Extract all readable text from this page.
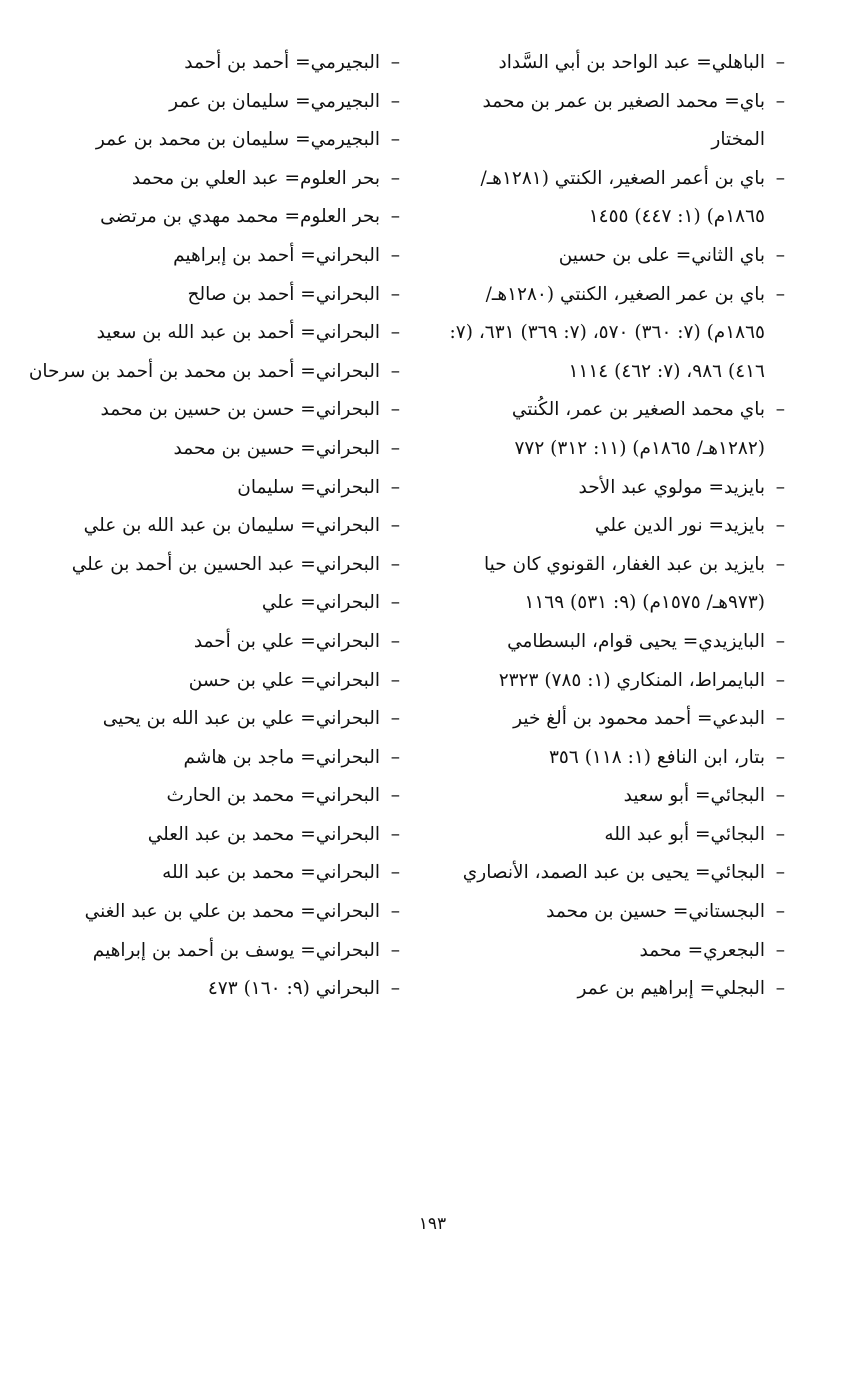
–الباهلي= عبد الواحد بن أبي السَّداد
–باي= محمد الصغير بن عمر بن محمد المختار
–باي بن أعمر الصغير، الكنتي (١٢٨١هـ/ ١٨٦٥م) (١: ٤٤٧) ١٤٥٥
–باي الثاني= على بن حسين
–باي بن عمر الصغير، الكنتي (١٢٨٠هـ/ ١٨٦٥م) (٧: ٣٦٠) ٥٧٠، (٧: ٣٦٩) ٦٣١، (٧: ٤١٦) ٩٨٦، (٧: ٤٦٢) ١١١٤
–باي محمد الصغير بن عمر، الكُنتي (١٢٨٢هـ/ ١٨٦٥م) (١١: ٣١٢) ٧٧٢
–بايزيد= مولوي عبد الأحد
–بايزيد= نور الدين علي
–بايزيد بن عبد الغفار، القونوي كان حيا (٩٧٣هـ/ ١٥٧٥م) (٩: ٥٣١) ١١٦٩
–البايزيدي= يحيى قوام، البسطامي
–البايمراط، المنكاري (١: ٧٨٥) ٢٣٢٣
–البدعي= أحمد محمود بن ألغ خير
–بتار، ابن النافع (١: ١١٨) ٣٥٦
–البجائي= أبو سعيد
–البجائي= أبو عبد الله
–البجائي= يحيى بن عبد الصمد، الأنصاري
–البجستاني= حسين بن محمد
–البجعري= محمد
–البجلي= إبراهيم بن عمر
–البجيرمي= أحمد بن أحمد
–البجيرمي= سليمان بن عمر
–البجيرمي= سليمان بن محمد بن عمر
–بحر العلوم= عبد العلي بن محمد
–بحر العلوم= محمد مهدي بن مرتضى
–البحراني= أحمد بن إبراهيم
–البحراني= أحمد بن صالح
–البحراني= أحمد بن عبد الله بن سعيد
–البحراني= أحمد بن محمد بن أحمد بن سرحان
–البحراني= حسن بن حسين بن محمد
–البحراني= حسين بن محمد
–البحراني= سليمان
–البحراني= سليمان بن عبد الله بن علي
–البحراني= عبد الحسين بن أحمد بن علي
–البحراني= علي
–البحراني= علي بن أحمد
–البحراني= علي بن حسن
–البحراني= علي بن عبد الله بن يحيى
–البحراني= ماجد بن هاشم
–البحراني= محمد بن الحارث
–البحراني= محمد بن عبد العلي
–البحراني= محمد بن عبد الله
–البحراني= محمد بن علي بن عبد الغني
–البحراني= يوسف بن أحمد بن إبراهيم
–البحراني (٩: ١٦٠) ٤٧٣
١٩٣
